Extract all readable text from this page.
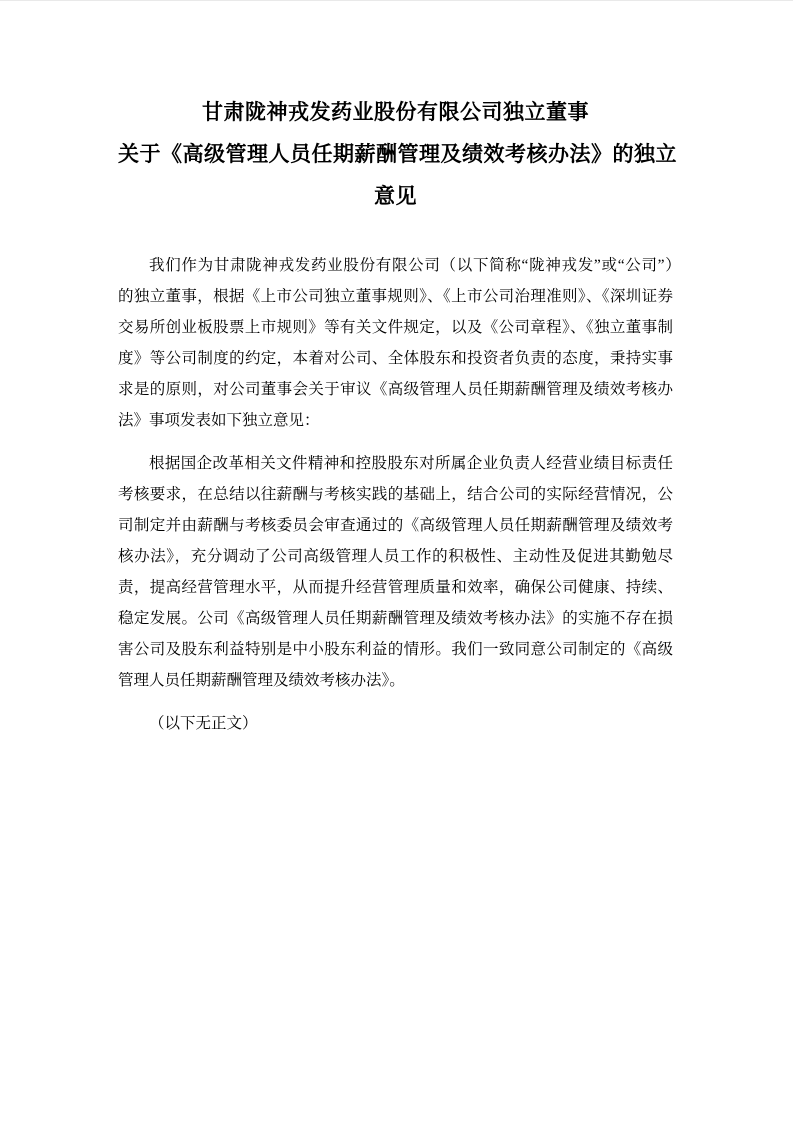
甘肃陇神戎发药业股份有限公司独立董事
关于《高级管理人员任期薪酬管理及绩效考核办法》的独立
意见

我们作为甘肃陇神戎发药业股份有限公司（以下简称“陇神戎发”或“公司”）　的独立董事，根据《上市公司独立董事规则》、《上市公司治理准则》、《深圳证券交易所创业板股票上市规则》等有关文件规定，以及《公司章程》、《独立董事制度》等公司制度的约定，本着对公司、全体股东和投资者负责的态度，秉持实事求是的原则，对公司董事会关于审议《高级管理人员任期薪酬管理及绩效考核办法》事项发表如下独立意见：

根据国企改革相关文件精神和控股股东对所属企业负责人经营业绩目标责任考核要求，在总结以往薪酬与考核实践的基础上，结合公司的实际经营情况，公司制定并由薪酬与考核委员会审查通过的《高级管理人员任期薪酬管理及绩效考核办法》，充分调动了公司高级管理人员工作的积极性、主动性及促进其勤勉尽责，提高经营管理水平，从而提升经营管理质量和效率，确保公司健康、持续、稳定发展。公司《高级管理人员任期薪酬管理及绩效考核办法》的实施不存在损害公司及股东利益特别是中小股东利益的情形。我们一致同意公司制定的《高级管理人员任期薪酬管理及绩效考核办法》。

（以下无正文）
